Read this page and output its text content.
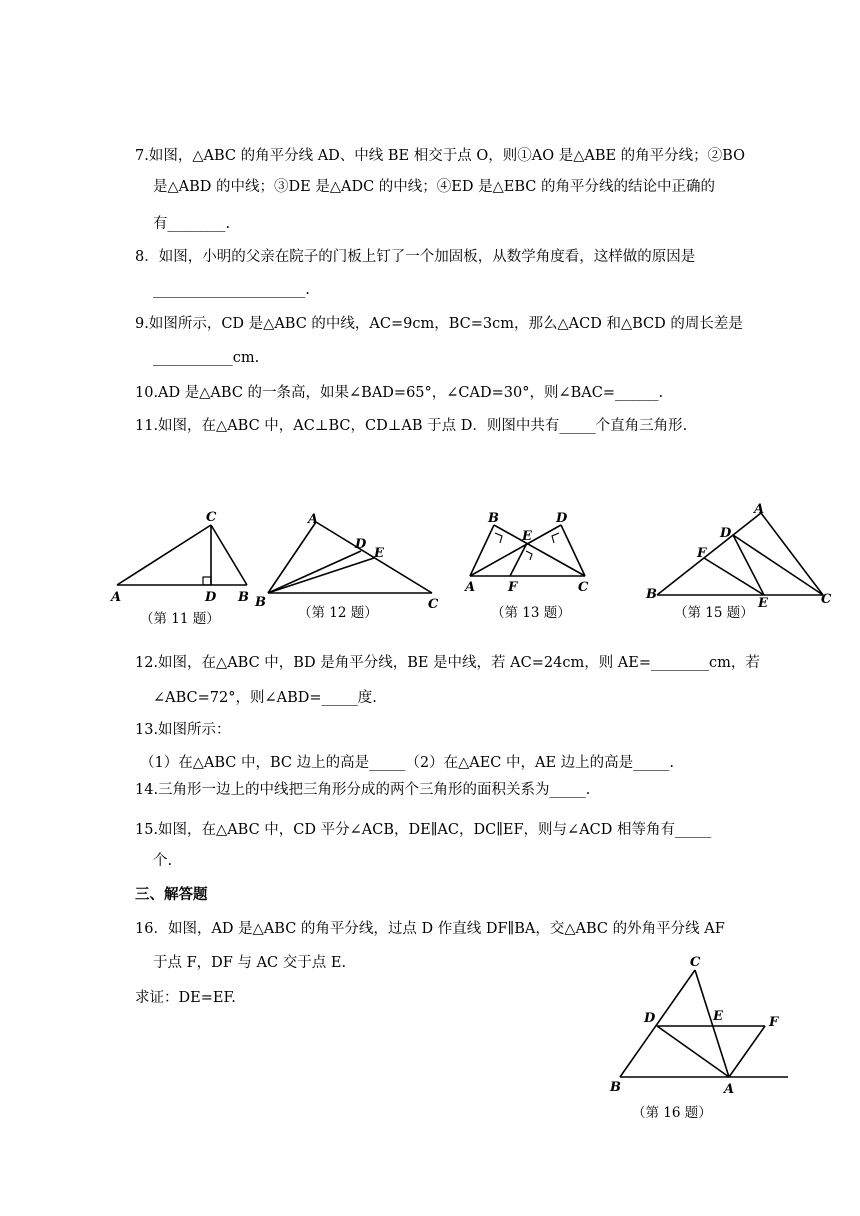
7.如图，△ABC 的角平分线 AD、中线 BE 相交于点 O，则①AO 是△ABE 的角平分线；②BO
是△ABD 的中线；③DE 是△ADC 的中线；④ED 是△EBC 的角平分线的结论中正确的
有________.
8．如图，小明的父亲在院子的门板上钉了一个加固板，从数学角度看，这样做的原因是
_____________________.
9.如图所示，CD 是△ABC 的中线，AC=9cm，BC=3cm，那么△ACD 和△BCD 的周长差是
___________cm.
10.AD 是△ABC 的一条高，如果∠BAD=65°，∠CAD=30°，则∠BAC=______.
11.如图，在△ABC 中，AC⊥BC，CD⊥AB 于点 D．则图中共有_____个直角三角形.
C
A	D B
（第 11 题）
A
D
E
B	C
（第 12 题）
B	D
E
A	F	C
（第 13 题）
A
D
F
B
E	C
（第 15 题）
12.如图，在△ABC 中，BD 是角平分线，BE 是中线，若 AC=24cm，则 AE=________cm，若
∠ABC=72°，则∠ABD=_____度.
13.如图所示：
（1）在△ABC 中，BC 边上的高是_____（2）在△AEC 中，AE 边上的高是_____.
14.三角形一边上的中线把三角形分成的两个三角形的面积关系为_____.
15.如图，在△ABC 中，CD 平分∠ACB，DE∥AC，DC∥EF，则与∠ACD 相等角有_____
个.
三、解答题
16．如图，AD 是△ABC 的角平分线，过点 D 作直线 DF∥BA，交△ABC 的外角平分线 AF
于点 F，DF 与 AC 交于点 E.
求证：DE=EF.
C
D	E	F
B	A
（第 16 题）
